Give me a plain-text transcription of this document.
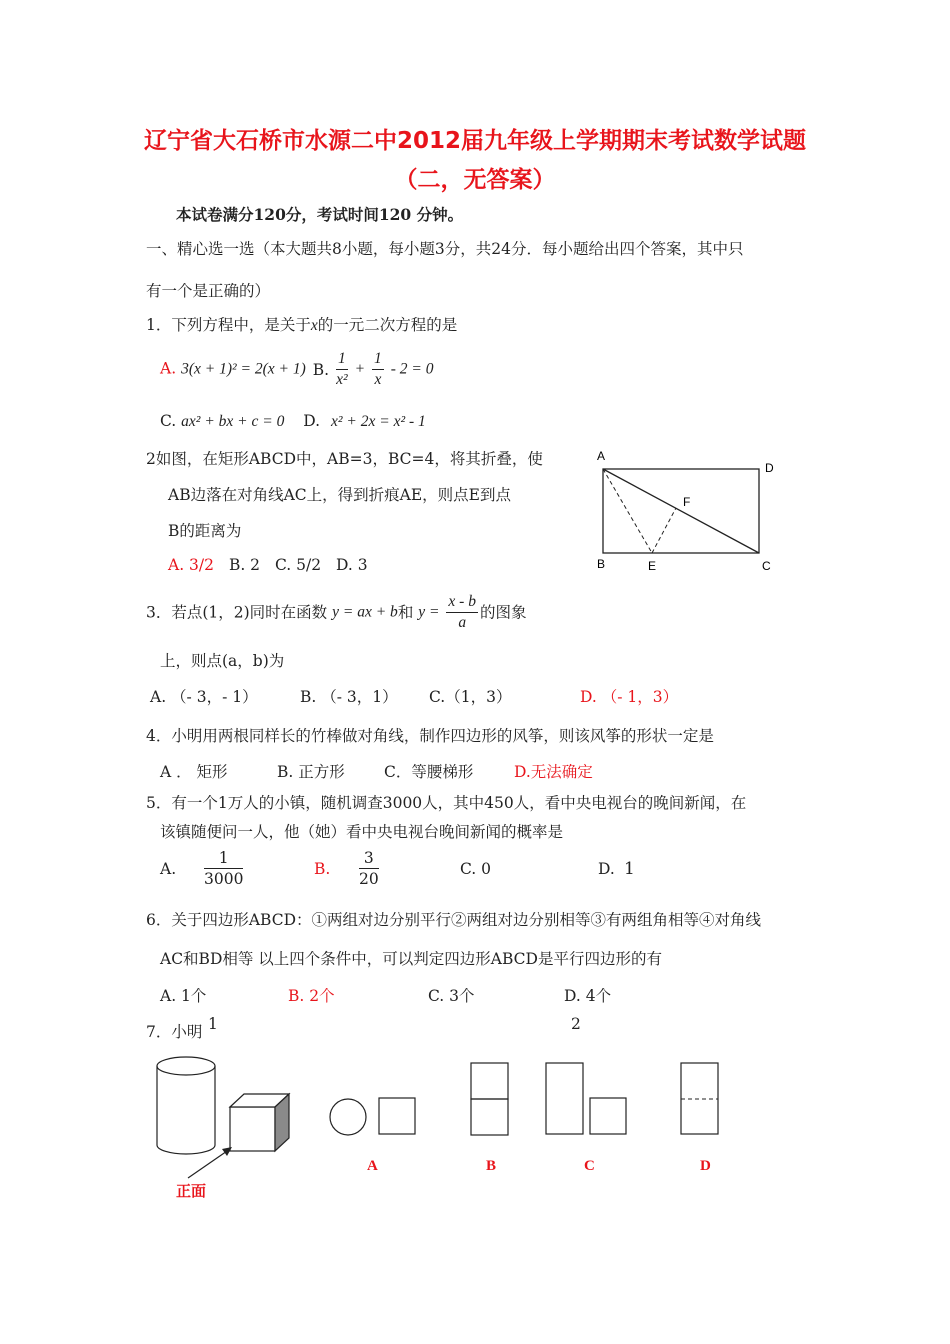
辽宁省大石桥市水源二中2012届九年级上学期期末考试数学试题
（二，无答案）
本试卷满分120分，考试时间120 分钟。
一、精心选一选（本大题共8小题，每小题3分，共24分．每小题给出四个答案，其中只
有一个是正确的）
1．下列方程中，是关于x的一元二次方程的是
A. 3(x + 1)² = 2(x + 1) B. $\frac{1}{\text{x²}} + \frac{1}{x} - 2 = 0$
C. ax² + bx + c = 0 D. x² + 2x = x² - 1
2如图，在矩形ABCD中，AB=3，BC=4，将其折叠，使
AB边落在对角线AC上，得到折痕AE，则点E到点
B的距离为
A. 3/2 B. 2 C. 5/2 D. 3
A
D
F
B	E	C
3．若点(1，2)同时在函数 y = ax + b和 $y = \frac{x - b}{a}$ 的图象
上，则点(a，b)为
A. （- 3，- 1）	B. （- 3，1） C.（1，3）	D. （- 1，3）
4．小明用两根同样长的竹棒做对角线，制作四边形的风筝，则该风筝的形状一定是
A ． 矩形	B. 正方形	C．等腰梯形	D.无法确定
5．有一个1万人的小镇，随机调查3000人，其中450人，看中央电视台的晚间新闻，在
该镇随便问一人，他（她）看中央电视台晚间新闻的概率是
A. $\frac{1}{3000}$	B. $\frac{3}{20}$	C. 0	D. 1
6．关于四边形ABCD：①两组对边分别平行②两组对边分别相等③有两组角相等④对角线
AC和BD相等 以上四个条件中，可以判定四边形ABCD是平行四边形的有
A. 1个	B. 2个	C. 3个	D. 4个
7．小明 1	2
A	B	C	D
正面
